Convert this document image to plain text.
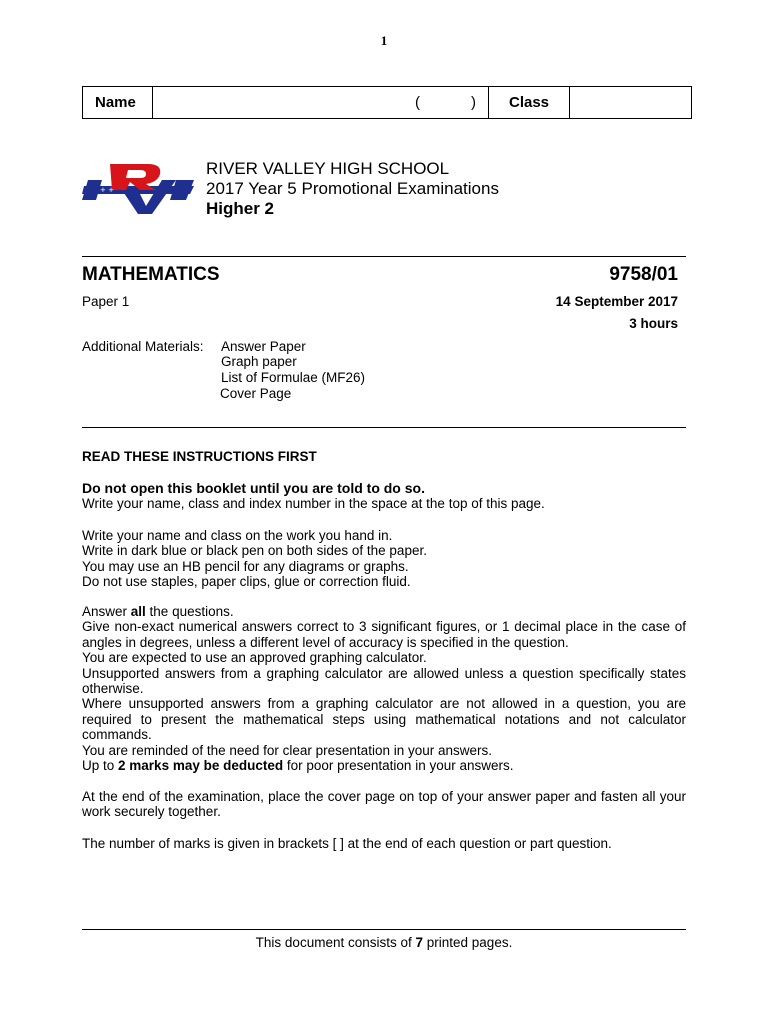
1
Name	(	)	Class
+ +
RIVER VALLEY HIGH SCHOOL
2017 Year 5 Promotional Examinations
Higher 2
MATHEMATICS	9758/01
Paper 1	14 September 2017
3 hours
Additional Materials: Answer Paper
Graph paper
List of Formulae (MF26)
Cover Page
READ THESE INSTRUCTIONS FIRST

Do not open this booklet until you are told to do so.

Write your name, class and index number in the space at the top of this page.

Write your name and class on the work you hand in.

Write in dark blue or black pen on both sides of the paper.

You may use an HB pencil for any diagrams or graphs.

Do not use staples, paper clips, glue or correction fluid.

Answer all the questions.

Give non-exact numerical answers correct to 3 significant figures, or 1 decimal place in the case of angles in degrees, unless a different level of accuracy is specified in the question.

You are expected to use an approved graphing calculator.

Unsupported answers from a graphing calculator are allowed unless a question specifically states otherwise.

Where unsupported answers from a graphing calculator are not allowed in a question, you are required to present the mathematical steps using mathematical notations and not calculator commands.

You are reminded of the need for clear presentation in your answers.

Up to 2 marks may be deducted for poor presentation in your answers.

At the end of the examination, place the cover page on top of your answer paper and fasten all your work securely together.

The number of marks is given in brackets [ ] at the end of each question or part question.

This document consists of 7 printed pages.
